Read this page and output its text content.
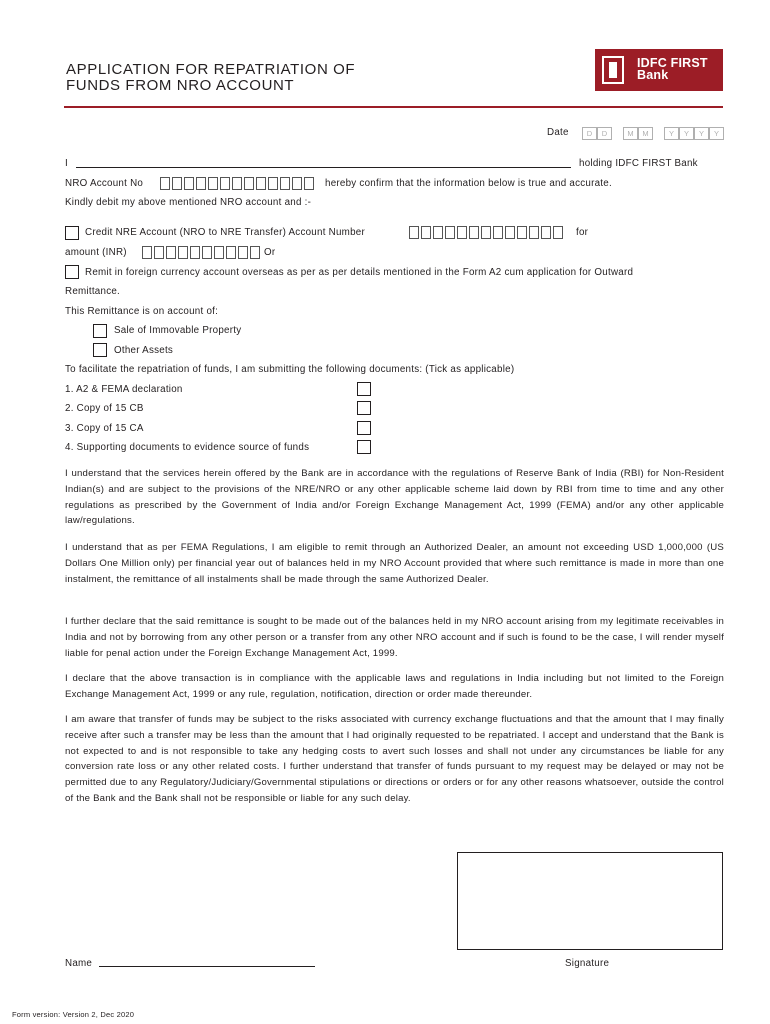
APPLICATION FOR REPATRIATION OF
FUNDS FROM NRO ACCOUNT
IDFC FIRST
Bank
Date	D	D	M	M	Y	Y	Y	Y
I	holding IDFC FIRST Bank
NRO Account No	hereby confirm that the information below is true and accurate.
Kindly debit my above mentioned NRO account and :-
Credit NRE Account (NRO to NRE Transfer) Account Number	for
amount (INR)	Or
Remit in foreign currency account overseas as per as per details mentioned in the Form A2 cum application for Outward
Remittance.
This Remittance is on account of:
Sale of Immovable Property
Other Assets
To facilitate the repatriation of funds, I am submitting the following documents: (Tick as applicable)
1. A2 & FEMA declaration
2. Copy of 15 CB
3. Copy of 15 CA
4. Supporting documents to evidence source of funds
I understand that the services herein offered by the Bank are in accordance with the regulations of Reserve Bank of India (RBI) for Non-Resident Indian(s) and are subject to the provisions of the NRE/NRO or any other applicable scheme laid down by RBI from time to time and any other regulations as prescribed by the Government of India and/or Foreign Exchange Management Act, 1999 (FEMA) and/or any other applicable law/regulations.
I understand that as per FEMA Regulations, I am eligible to remit through an Authorized Dealer, an amount not exceeding USD 1,000,000 (US Dollars One Million only) per financial year out of balances held in my NRO Account provided that where such remittance is made in more than one instalment, the remittance of all instalments shall be made through the same Authorized Dealer.
I further declare that the said remittance is sought to be made out of the balances held in my NRO account arising from my legitimate receivables in India and not by borrowing from any other person or a transfer from any other NRO account and if such is found to be the case, I will render myself liable for penal action under the Foreign Exchange Management Act, 1999.
I declare that the above transaction is in compliance with the applicable laws and regulations in India including but not limited to the Foreign Exchange Management Act, 1999 or any rule, regulation, notification, direction or order made thereunder.
I am aware that transfer of funds may be subject to the risks associated with currency exchange fluctuations and that the amount that I may finally receive after such a transfer may be less than the amount that I had originally requested to be repatriated. I accept and understand that the Bank is not expected to and is not responsible to take any hedging costs to avert such losses and shall not under any circumstances be liable for any conversion rate loss or any other related costs. I further understand that transfer of funds pursuant to my request may be delayed or may not be permitted due to any Regulatory/Judiciary/Governmental stipulations or directions or orders or for any other reasons whatsoever, outside the control of the Bank and the Bank shall not be responsible or liable for any such delay.
Name	Signature
Form version: Version 2, Dec 2020
